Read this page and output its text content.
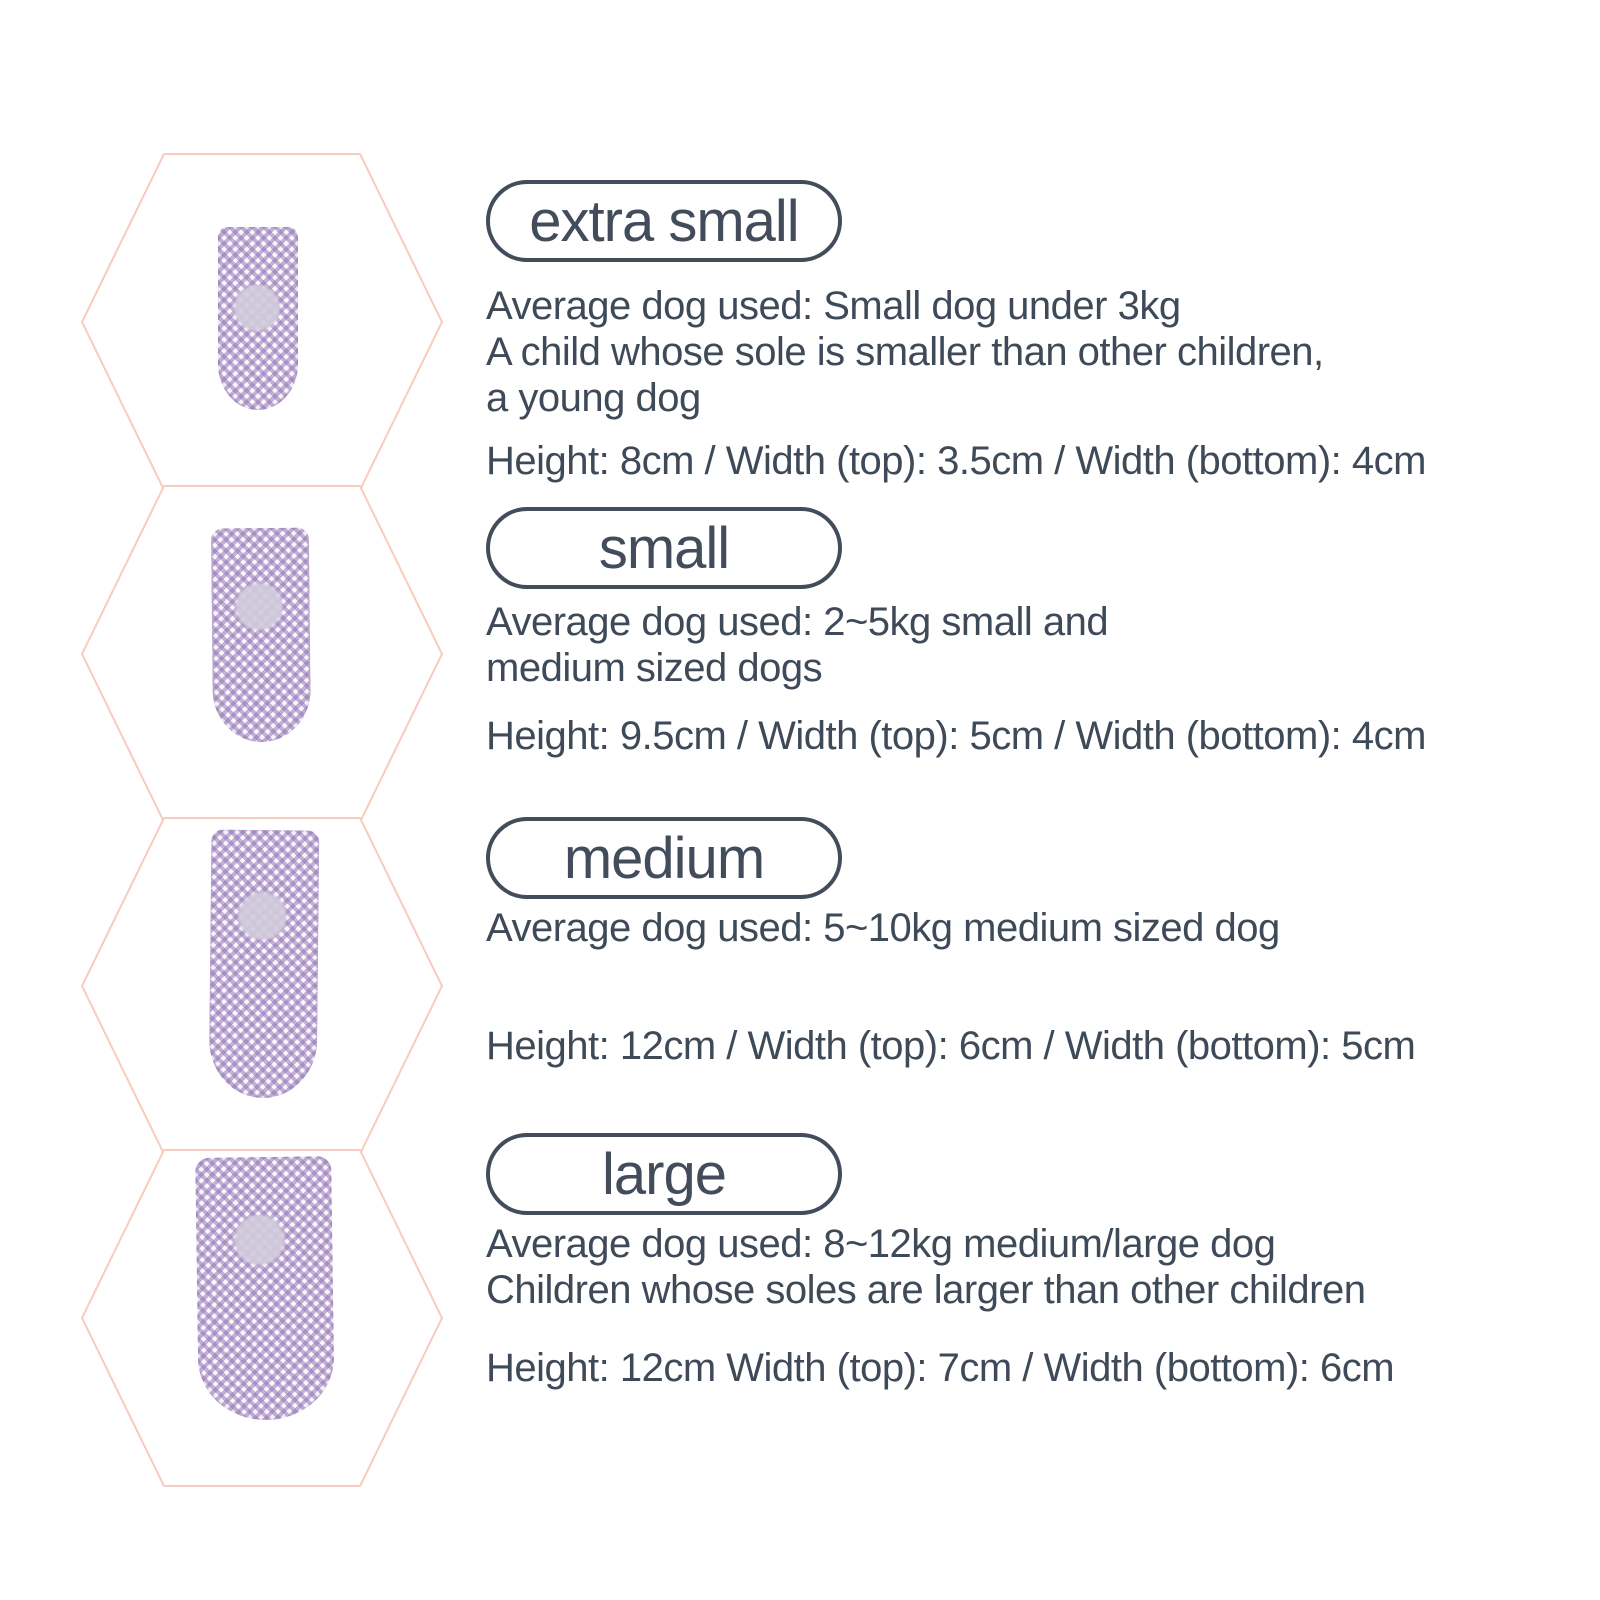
extra small
Average dog used: Small dog under 3kg
A child whose sole is smaller than other children,
a young dog
Height: 8cm / Width (top): 3.5cm / Width (bottom): 4cm
small
Average dog used: 2~5kg small and
medium sized dogs
Height: 9.5cm / Width (top): 5cm / Width (bottom): 4cm
medium
Average dog used: 5~10kg medium sized dog
Height: 12cm / Width (top): 6cm / Width (bottom): 5cm
large
Average dog used: 8~12kg medium/large dog
Children whose soles are larger than other children
Height: 12cm Width (top): 7cm / Width (bottom): 6cm
